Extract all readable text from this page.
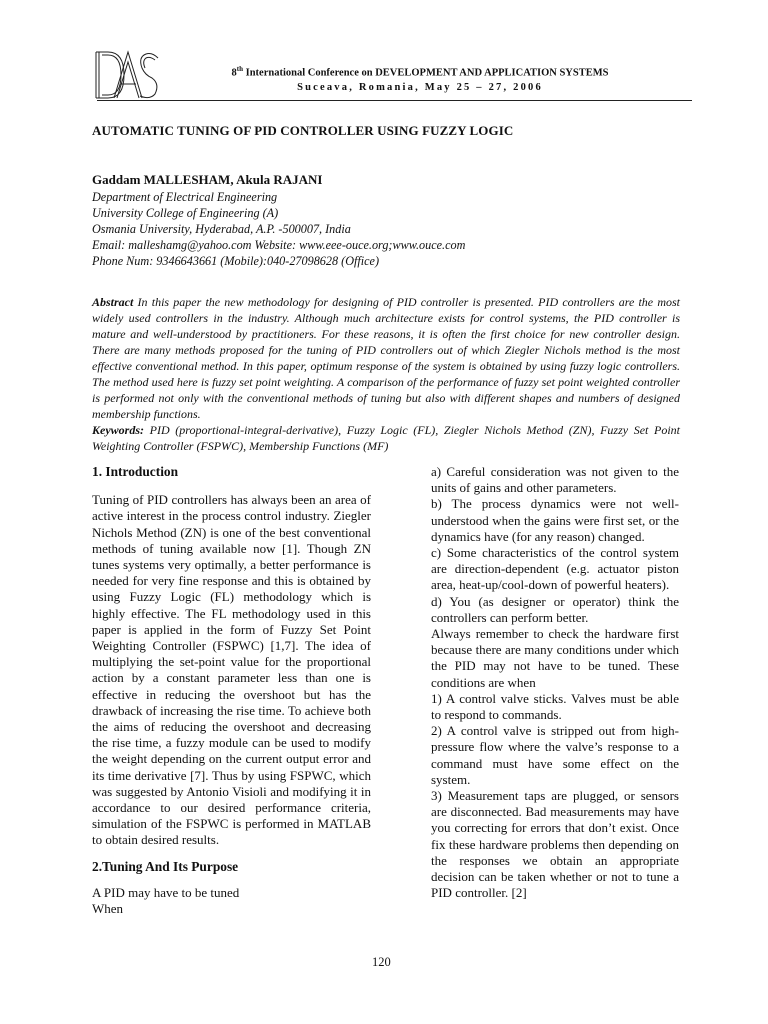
8th International Conference on DEVELOPMENT AND APPLICATION SYSTEMS
Suceava, Romania, May 25 – 27, 2006
AUTOMATIC TUNING OF PID CONTROLLER USING FUZZY LOGIC
Gaddam MALLESHAM, Akula RAJANI
Department of Electrical Engineering
University College of Engineering (A)
Osmania University, Hyderabad, A.P. -500007, India
Email: malleshamg@yahoo.com Website: www.eee-ouce.org;www.ouce.com
Phone Num: 9346643661 (Mobile):040-27098628 (Office)
Abstract In this paper the new methodology for designing of PID controller is presented. PID controllers are the most widely used controllers in the industry. Although much architecture exists for control systems, the PID controller is mature and well-understood by practitioners. For these reasons, it is often the first choice for new controller design. There are many methods proposed for the tuning of PID controllers out of which Ziegler Nichols method is the most effective conventional method. In this paper, optimum response of the system is obtained by using fuzzy logic controllers. The method used here is fuzzy set point weighting. A comparison of the performance of fuzzy set point weighted controller is performed not only with the conventional methods of tuning but also with different shapes and numbers of designed membership functions.
Keywords: PID (proportional-integral-derivative), Fuzzy Logic (FL), Ziegler Nichols Method (ZN), Fuzzy Set Point Weighting Controller (FSPWC), Membership Functions (MF)
1. Introduction

Tuning of PID controllers has always been an area of active interest in the process control industry. Ziegler Nichols Method (ZN) is one of the best conventional methods of tuning available now [1]. Though ZN tunes systems very optimally, a better performance is needed for very fine response and this is obtained by using Fuzzy Logic (FL) methodology which is highly effective. The FL methodology used in this paper is applied in the form of Fuzzy Set Point Weighting Controller (FSPWC) [1,7]. The idea of multiplying the set-point value for the proportional action by a constant parameter less than one is effective in reducing the overshoot but has the drawback of increasing the rise time. To achieve both the aims of reducing the overshoot and decreasing the rise time, a fuzzy module can be used to modify the weight depending on the current output error and its time derivative [7]. Thus by using FSPWC, which was suggested by Antonio Visioli and modifying it in accordance to our desired performance criteria, simulation of the FSPWC is performed in MATLAB to obtain desired results.

2.Tuning And Its Purpose
A PID may have to be tuned
When

a) Careful consideration was not given to the units of gains and other parameters.

b) The process dynamics were not well-understood when the gains were first set, or the dynamics have (for any reason) changed.

c) Some characteristics of the control system are direction-dependent (e.g. actuator piston area, heat-up/cool-down of powerful heaters).

d) You (as designer or operator) think the controllers can perform better.

Always remember to check the hardware first because there are many conditions under which the PID may not have to be tuned. These conditions are when

1) A control valve sticks. Valves must be able to respond to commands.

2) A control valve is stripped out from high-pressure flow where the valve’s response to a command must have some effect on the system.

3) Measurement taps are plugged, or sensors are disconnected. Bad measurements may have you correcting for errors that don’t exist. Once fix these hardware problems then depending on the responses we obtain an appropriate decision can be taken whether or not to tune a PID controller. [2]

120
